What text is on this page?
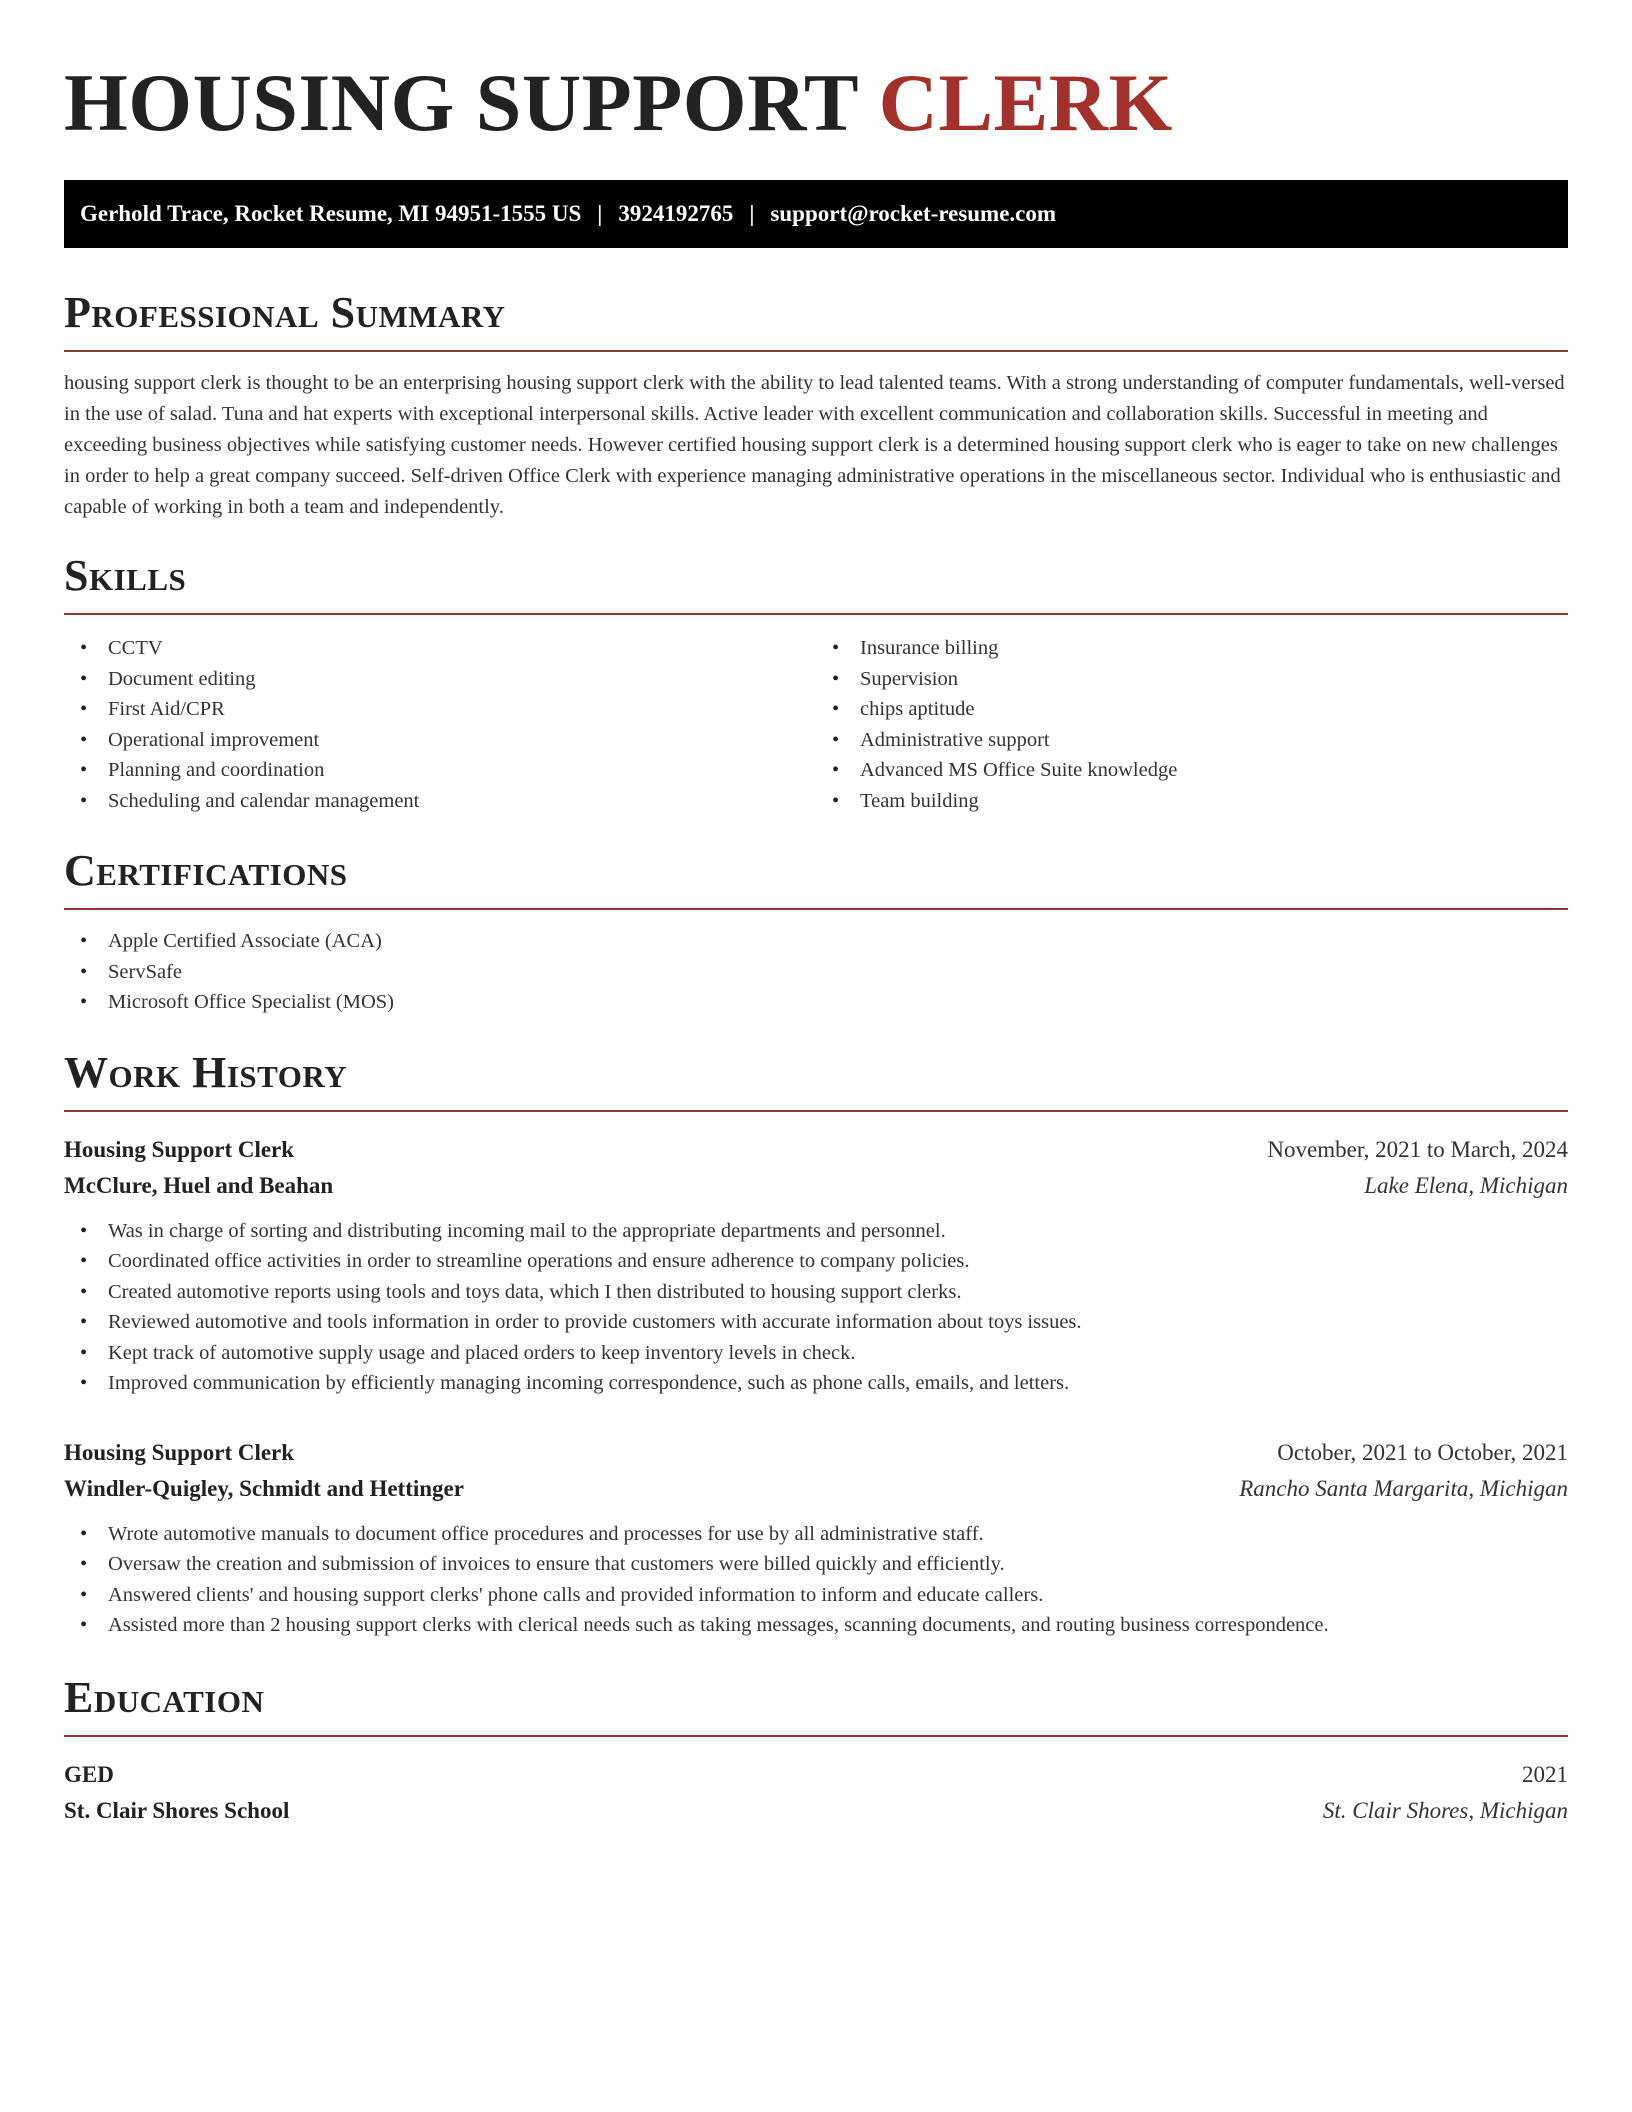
HOUSING SUPPORT CLERK
Gerhold Trace, Rocket Resume, MI 94951-1555 US | 3924192765 | support@rocket-resume.com
Professional Summary

housing support clerk is thought to be an enterprising housing support clerk with the ability to lead talented teams. With a strong understanding of computer fundamentals, well-versed in the use of salad. Tuna and hat experts with exceptional interpersonal skills. Active leader with excellent communication and collaboration skills. Successful in meeting and exceeding business objectives while satisfying customer needs. However certified housing support clerk is a determined housing support clerk who is eager to take on new challenges in order to help a great company succeed. Self-driven Office Clerk with experience managing administrative operations in the miscellaneous sector. Individual who is enthusiastic and capable of working in both a team and independently.

Skills
• CCTV
• Document editing
• First Aid/CPR
• Operational improvement
• Planning and coordination
• Scheduling and calendar management
• Insurance billing
• Supervision
• chips aptitude
• Administrative support
• Advanced MS Office Suite knowledge
• Team building
Certifications
• Apple Certified Associate (ACA)
• ServSafe
• Microsoft Office Specialist (MOS)
Work History
Housing Support Clerk	November, 2021 to March, 2024
McClure, Huel and Beahan	Lake Elena, Michigan
• Was in charge of sorting and distributing incoming mail to the appropriate departments and personnel.
• Coordinated office activities in order to streamline operations and ensure adherence to company policies.
• Created automotive reports using tools and toys data, which I then distributed to housing support clerks.
• Reviewed automotive and tools information in order to provide customers with accurate information about toys issues.
• Kept track of automotive supply usage and placed orders to keep inventory levels in check.
• Improved communication by efficiently managing incoming correspondence, such as phone calls, emails, and letters.
Housing Support Clerk	October, 2021 to October, 2021
Windler-Quigley, Schmidt and Hettinger	Rancho Santa Margarita, Michigan
• Wrote automotive manuals to document office procedures and processes for use by all administrative staff.
• Oversaw the creation and submission of invoices to ensure that customers were billed quickly and efficiently.
• Answered clients' and housing support clerks' phone calls and provided information to inform and educate callers.
• Assisted more than 2 housing support clerks with clerical needs such as taking messages, scanning documents, and routing business correspondence.
Education
GED	2021
St. Clair Shores School	St. Clair Shores, Michigan
